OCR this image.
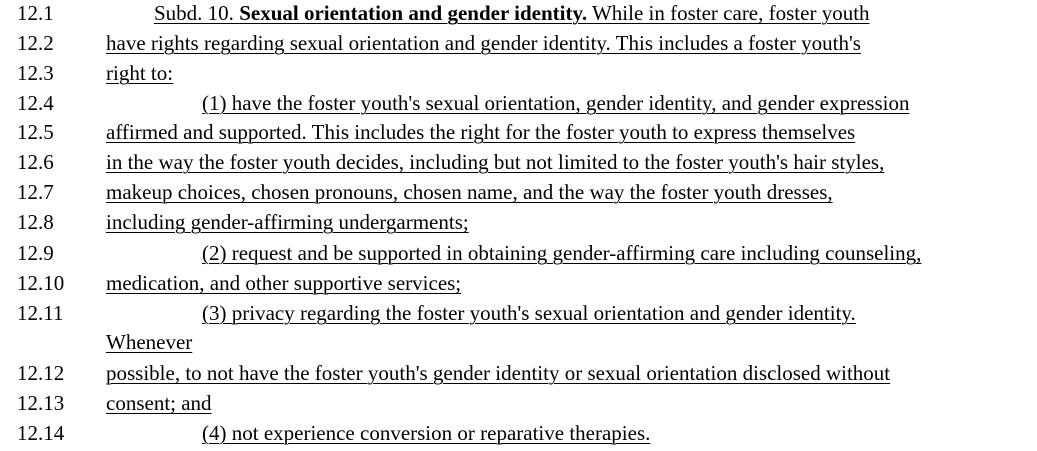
12.1	Subd. 10. Sexual orientation and gender identity. While in foster care, foster youth
12.2 have rights regarding sexual orientation and gender identity. This includes a foster youth's
12.3 right to:
12.4	(1) have the foster youth's sexual orientation, gender identity, and gender expression
12.5 affirmed and supported. This includes the right for the foster youth to express themselves
12.6 in the way the foster youth decides, including but not limited to the foster youth's hair styles,
12.7 makeup choices, chosen pronouns, chosen name, and the way the foster youth dresses,
12.8 including gender-affirming undergarments;
12.9	(2) request and be supported in obtaining gender-affirming care including counseling,
12.10 medication, and other supportive services;
12.11	(3) privacy regarding the foster youth's sexual orientation and gender identity.
Whenever
12.12 possible, to not have the foster youth's gender identity or sexual orientation disclosed without
12.13 consent; and
12.14	(4) not experience conversion or reparative therapies.
